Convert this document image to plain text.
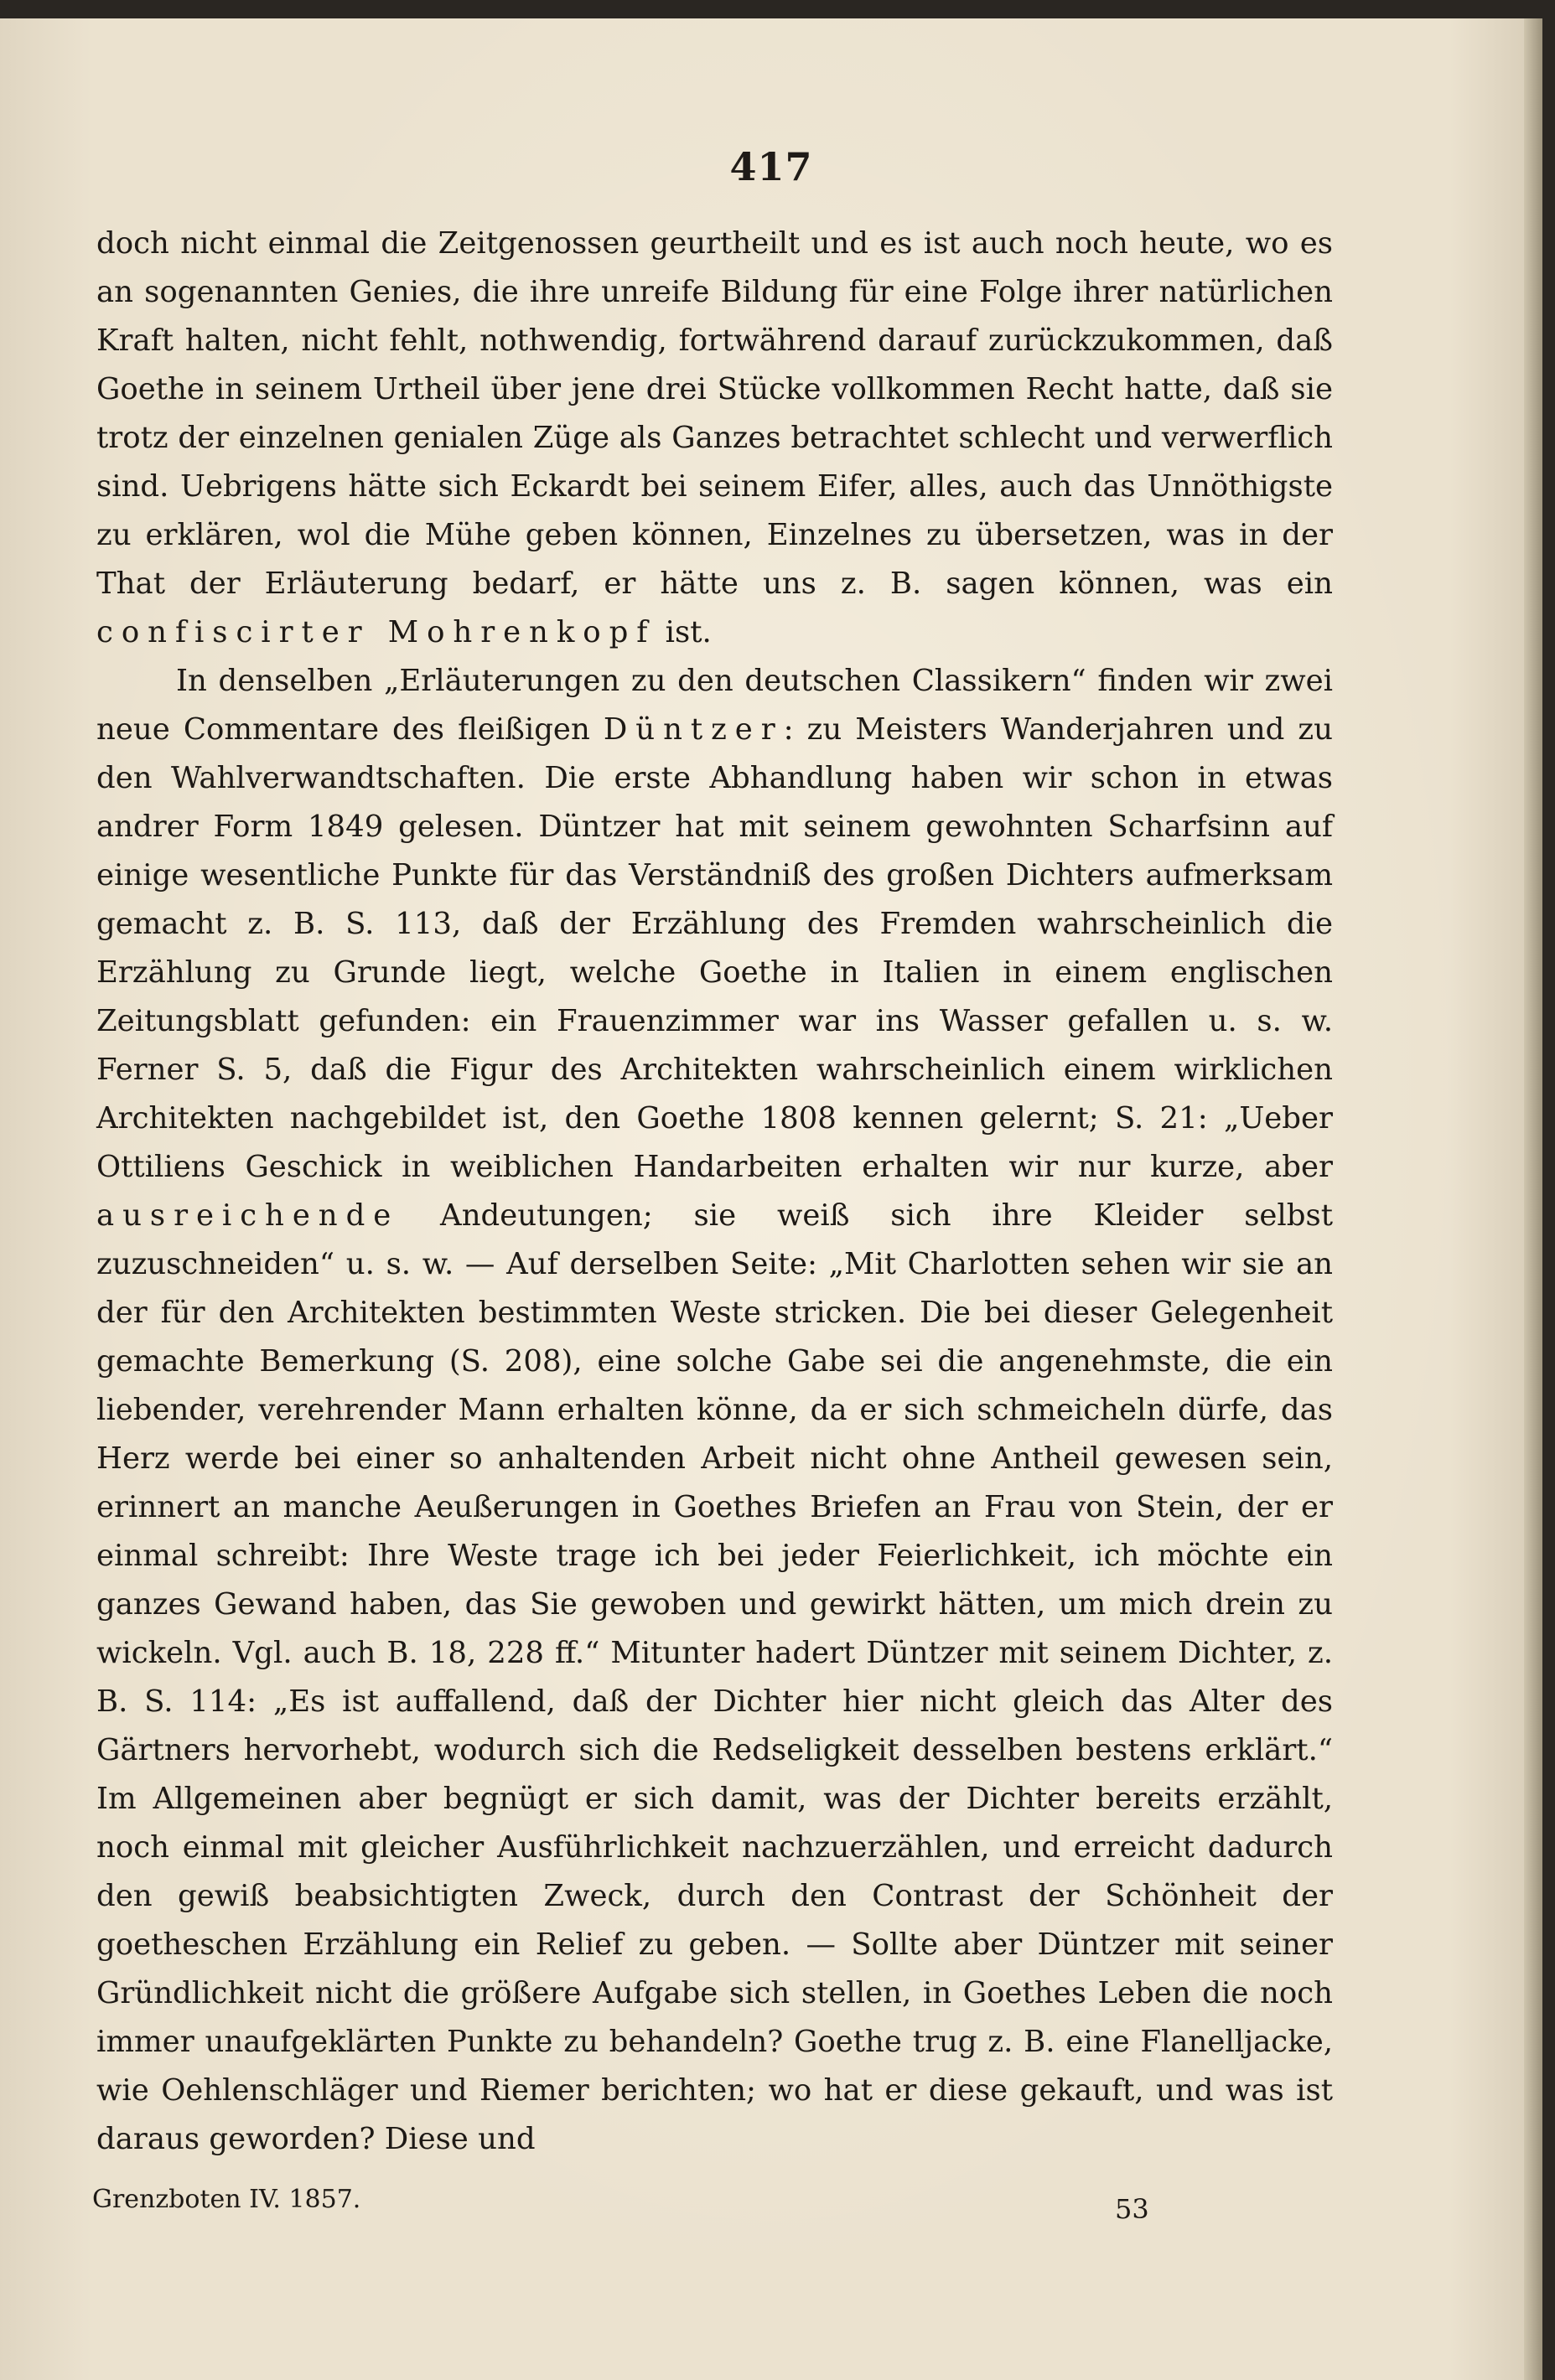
417

doch nicht einmal die Zeitgenossen geurtheilt und es ist auch noch heute, wo es an sogenannten Genies, die ihre unreife Bildung für eine Folge ihrer natürlichen Kraft halten, nicht fehlt, nothwendig, fortwährend darauf zurückzukommen, daß Goethe in seinem Urtheil über jene drei Stücke vollkommen Recht hatte, daß sie trotz der einzelnen genialen Züge als Ganzes betrachtet schlecht und verwerflich sind. Uebrigens hätte sich Eckardt bei seinem Eifer, alles, auch das Unnöthigste zu erklären, wol die Mühe geben können, Einzelnes zu übersetzen, was in der That der Erläuterung bedarf, er hätte uns z. B. sagen können, was ein confiscirter Mohrenkopf ist.

In denselben „Erläuterungen zu den deutschen Classikern“ finden wir zwei neue Commentare des fleißigen Düntzer: zu Meisters Wanderjahren und zu den Wahlverwandtschaften. Die erste Abhandlung haben wir schon in etwas andrer Form 1849 gelesen. Düntzer hat mit seinem gewohnten Scharfsinn auf einige wesentliche Punkte für das Verständniß des großen Dichters aufmerksam gemacht z. B. S. 113, daß der Erzählung des Fremden wahrscheinlich die Erzählung zu Grunde liegt, welche Goethe in Italien in einem englischen Zeitungsblatt gefunden: ein Frauenzimmer war ins Wasser gefallen u. s. w. Ferner S. 5, daß die Figur des Architekten wahrscheinlich einem wirklichen Architekten nachgebildet ist, den Goethe 1808 kennen gelernt; S. 21: „Ueber Ottiliens Geschick in weiblichen Handarbeiten erhalten wir nur kurze, aber ausreichende Andeutungen; sie weiß sich ihre Kleider selbst zuzuschneiden“ u. s. w. — Auf derselben Seite: „Mit Charlotten sehen wir sie an der für den Architekten bestimmten Weste stricken. Die bei dieser Gelegenheit gemachte Bemerkung (S. 208), eine solche Gabe sei die angenehmste, die ein liebender, verehrender Mann erhalten könne, da er sich schmeicheln dürfe, das Herz werde bei einer so anhaltenden Arbeit nicht ohne Antheil gewesen sein, erinnert an manche Aeußerungen in Goethes Briefen an Frau von Stein, der er einmal schreibt: Ihre Weste trage ich bei jeder Feierlichkeit, ich möchte ein ganzes Gewand haben, das Sie gewoben und gewirkt hätten, um mich drein zu wickeln. Vgl. auch B. 18, 228 ff.“ Mitunter hadert Düntzer mit seinem Dichter, z. B. S. 114: „Es ist auffallend, daß der Dichter hier nicht gleich das Alter des Gärtners hervorhebt, wodurch sich die Redseligkeit desselben bestens erklärt.“ Im Allgemeinen aber begnügt er sich damit, was der Dichter bereits erzählt, noch einmal mit gleicher Ausführlichkeit nachzuerzählen, und erreicht dadurch den gewiß beabsichtigten Zweck, durch den Contrast der Schönheit der goetheschen Erzählung ein Relief zu geben. — Sollte aber Düntzer mit seiner Gründlichkeit nicht die größere Aufgabe sich stellen, in Goethes Leben die noch immer unaufgeklärten Punkte zu behandeln? Goethe trug z. B. eine Flanelljacke, wie Oehlenschläger und Riemer berichten; wo hat er diese gekauft, und was ist daraus geworden? Diese und

Grenzboten IV. 1857.	53
